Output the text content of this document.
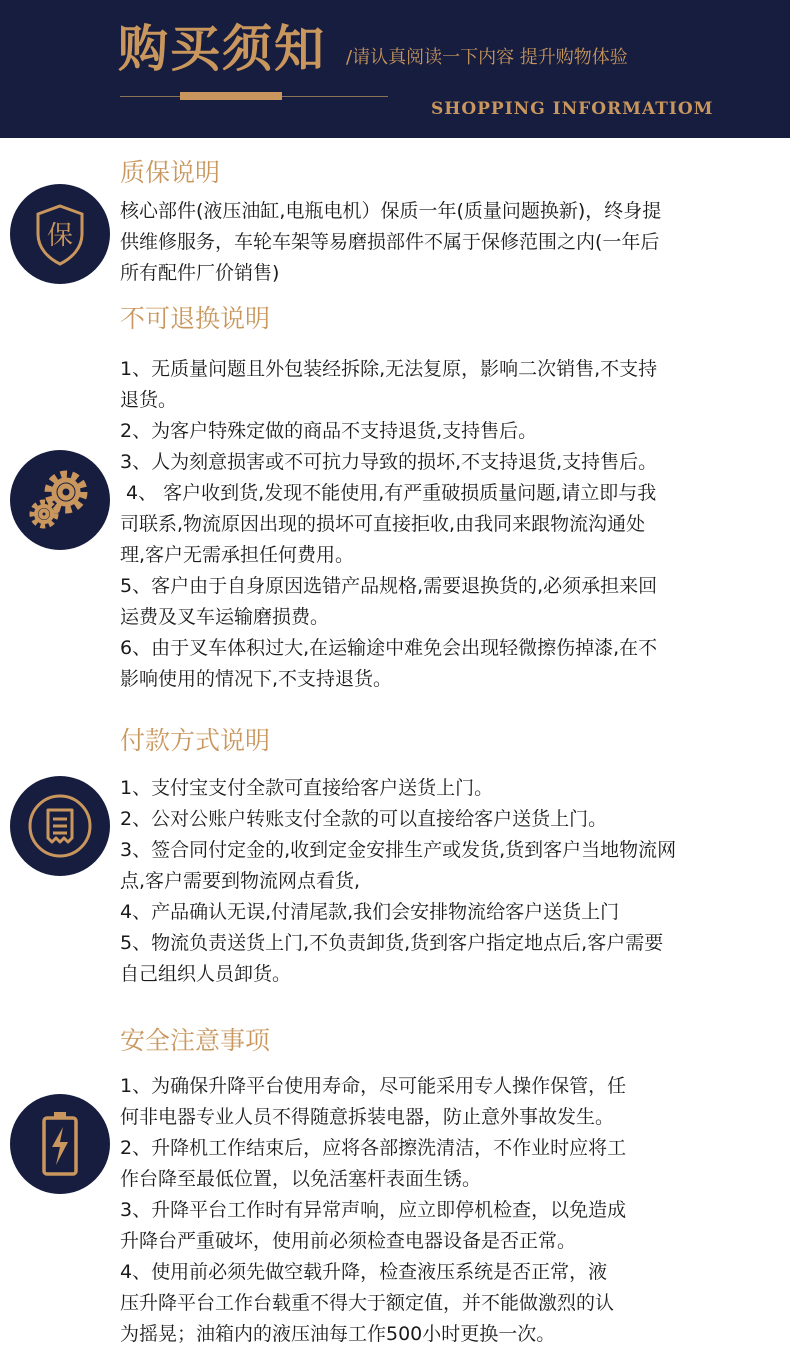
购买须知 /请认真阅读一下内容 提升购物体验
SHOPPING INFORMATIOM
质保说明
保
核心部件(液压油缸,电瓶电机）保质一年(质量问题换新)，终身提
供维修服务，车轮车架等易磨损部件不属于保修范围之内(一年后
所有配件厂价销售)
不可退换说明
1、无质量问题且外包装经拆除,无法复原，影响二次销售,不支持
退货。
2、为客户特殊定做的商品不支持退货,支持售后。
3、人为刻意损害或不可抗力导致的损坏,不支持退货,支持售后。
4、 客户收到货,发现不能使用,有严重破损质量问题,请立即与我
司联系,物流原因出现的损坏可直接拒收,由我同来跟物流沟通处
理,客户无需承担任何费用。
5、客户由于自身原因选错产品规格,需要退换货的,必须承担来回
运费及叉车运输磨损费。
6、由于叉车体积过大,在运输途中难免会出现轻微擦伤掉漆,在不
影响使用的情况下,不支持退货。
付款方式说明
1、支付宝支付全款可直接给客户送货上门。
2、公对公账户转账支付全款的可以直接给客户送货上门。
3、签合同付定金的,收到定金安排生产或发货,货到客户当地物流网
点,客户需要到物流网点看货,
4、产品确认无误,付清尾款,我们会安排物流给客户送货上门
5、物流负责送货上门,不负责卸货,货到客户指定地点后,客户需要
自己组织人员卸货。
安全注意事项
1、为确保升降平台使用寿命，尽可能采用专人操作保管，任
何非电器专业人员不得随意拆装电器，防止意外事故发生。
2、升降机工作结束后，应将各部擦洗清洁，不作业时应将工
作台降至最低位置，以免活塞杆表面生锈。
3、升降平台工作时有异常声响，应立即停机检查，以免造成
升降台严重破坏，使用前必须检查电器设备是否正常。
4、使用前必须先做空载升降，检查液压系统是否正常，液
压升降平台工作台载重不得大于额定值，并不能做激烈的认
为摇晃；油箱内的液压油每工作500小时更换一次。
